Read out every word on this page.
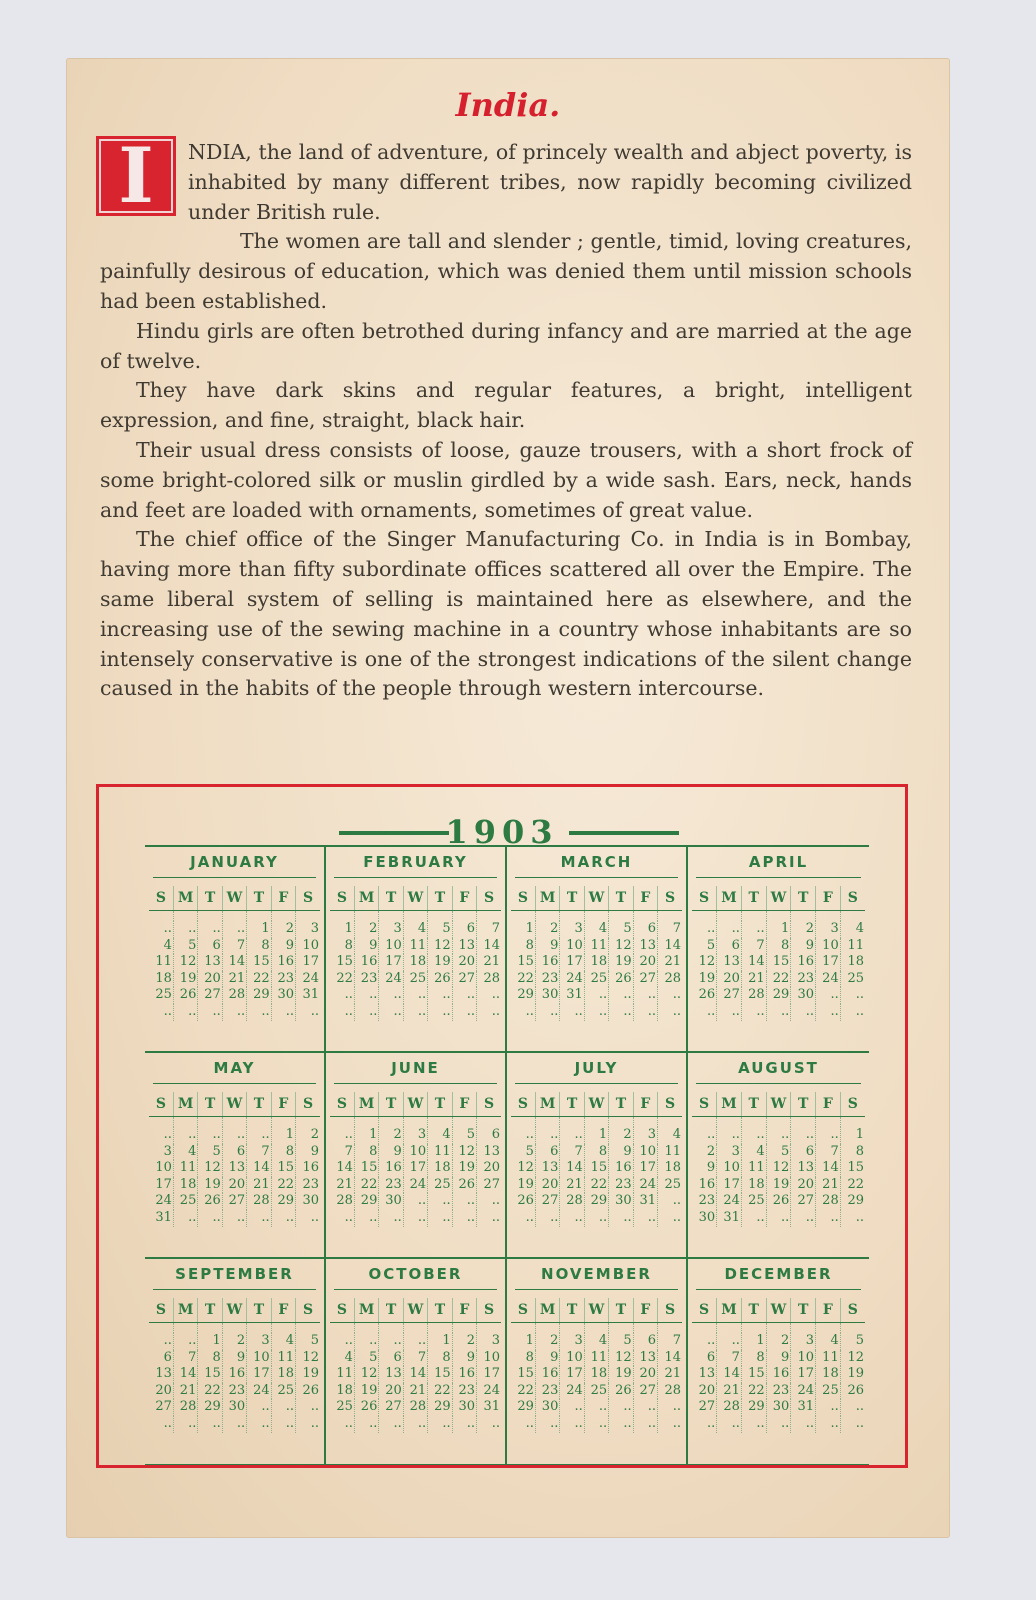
India.
I	NDIA, the land of adventure, of princely wealth and abject poverty, is inhabited by many different tribes, now rapidly becoming civilized under British rule.

The women are tall and slender ; gentle, timid, loving creatures, painfully desirous of education, which was denied them until mission schools had been established.

Hindu girls are often betrothed during infancy and are married at the age of twelve.

They have dark skins and regular features, a bright, intelligent expression, and fine, straight, black hair.

Their usual dress consists of loose, gauze trousers, with a short frock of some bright-colored silk or muslin girdled by a wide sash. Ears, neck, hands and feet are loaded with ornaments, sometimes of great value.

The chief office of the Singer Manufacturing Co. in India is in Bombay, having more than fifty subordinate offices scattered all over the Empire. The same liberal system of selling is maintained here as elsewhere, and the increasing use of the sewing machine in a country whose inhabitants are so intensely conservative is one of the strongest indications of the silent change caused in the habits of the people through western intercourse.

1903
JANUARY
S	M	T	W	T	F	S

..	..	..	..	1	2	3
4	5	6	7	8	9	10
11	12	13	14	15	16	17
18	19	20	21	22	23	24
25	26	27	28	29	30	31
..	..	..	..	..	..	..
FEBRUARY
S	M	T	W	T	F	S

1	2	3	4	5	6	7
8	9	10	11	12	13	14
15	16	17	18	19	20	21
22	23	24	25	26	27	28
..	..	..	..	..	..	..
..	..	..	..	..	..	..
MARCH
S	M	T	W	T	F	S

1	2	3	4	5	6	7
8	9	10	11	12	13	14
15	16	17	18	19	20	21
22	23	24	25	26	27	28
29	30	31	..	..	..	..
..	..	..	..	..	..	..
APRIL
S	M	T	W	T	F	S

..	..	..	1	2	3	4
5	6	7	8	9	10	11
12	13	14	15	16	17	18
19	20	21	22	23	24	25
26	27	28	29	30	..	..
..	..	..	..	..	..	..
MAY
S	M	T	W	T	F	S

..	..	..	..	..	1	2
3	4	5	6	7	8	9
10	11	12	13	14	15	16
17	18	19	20	21	22	23
24	25	26	27	28	29	30
31	..	..	..	..	..	..
JUNE
S	M	T	W	T	F	S

..	1	2	3	4	5	6
7	8	9	10	11	12	13
14	15	16	17	18	19	20
21	22	23	24	25	26	27
28	29	30	..	..	..	..
..	..	..	..	..	..	..
JULY
S	M	T	W	T	F	S

..	..	..	1	2	3	4
5	6	7	8	9	10	11
12	13	14	15	16	17	18
19	20	21	22	23	24	25
26	27	28	29	30	31	..
..	..	..	..	..	..	..
AUGUST
S	M	T	W	T	F	S

..	..	..	..	..	..	1
2	3	4	5	6	7	8
9	10	11	12	13	14	15
16	17	18	19	20	21	22
23	24	25	26	27	28	29
30	31	..	..	..	..	..
SEPTEMBER
S	M	T	W	T	F	S

..	..	1	2	3	4	5
6	7	8	9	10	11	12
13	14	15	16	17	18	19
20	21	22	23	24	25	26
27	28	29	30	..	..	..
..	..	..	..	..	..	..
OCTOBER
S	M	T	W	T	F	S

..	..	..	..	1	2	3
4	5	6	7	8	9	10
11	12	13	14	15	16	17
18	19	20	21	22	23	24
25	26	27	28	29	30	31
..	..	..	..	..	..	..
NOVEMBER
S	M	T	W	T	F	S

1	2	3	4	5	6	7
8	9	10	11	12	13	14
15	16	17	18	19	20	21
22	23	24	25	26	27	28
29	30	..	..	..	..	..
..	..	..	..	..	..	..
DECEMBER
S	M	T	W	T	F	S

..	..	1	2	3	4	5
6	7	8	9	10	11	12
13	14	15	16	17	18	19
20	21	22	23	24	25	26
27	28	29	30	31	..	..
..	..	..	..	..	..	..
